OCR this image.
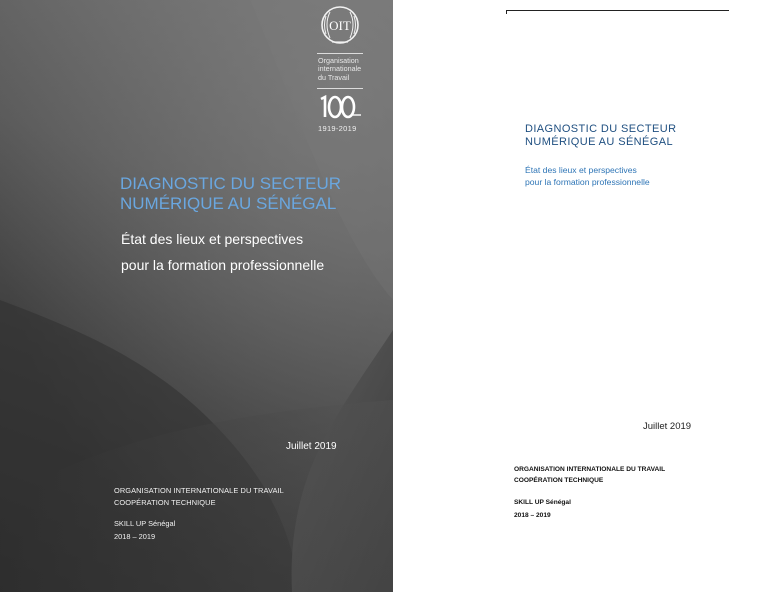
OIT
Organisation
internationale
du Travail
1919-2019
DIAGNOSTIC DU SECTEUR
NUMÉRIQUE AU SÉNÉGAL
État des lieux et perspectives
pour la formation professionnelle
Juillet 2019
ORGANISATION INTERNATIONALE DU TRAVAIL
COOPÉRATION TECHNIQUE
SKILL UP Sénégal
2018 – 2019
DIAGNOSTIC DU SECTEUR
NUMÉRIQUE AU SÉNÉGAL
État des lieux et perspectives
pour la formation professionnelle
Juillet 2019
ORGANISATION INTERNATIONALE DU TRAVAIL
COOPÉRATION TECHNIQUE
SKILL UP Sénégal
2018 – 2019
